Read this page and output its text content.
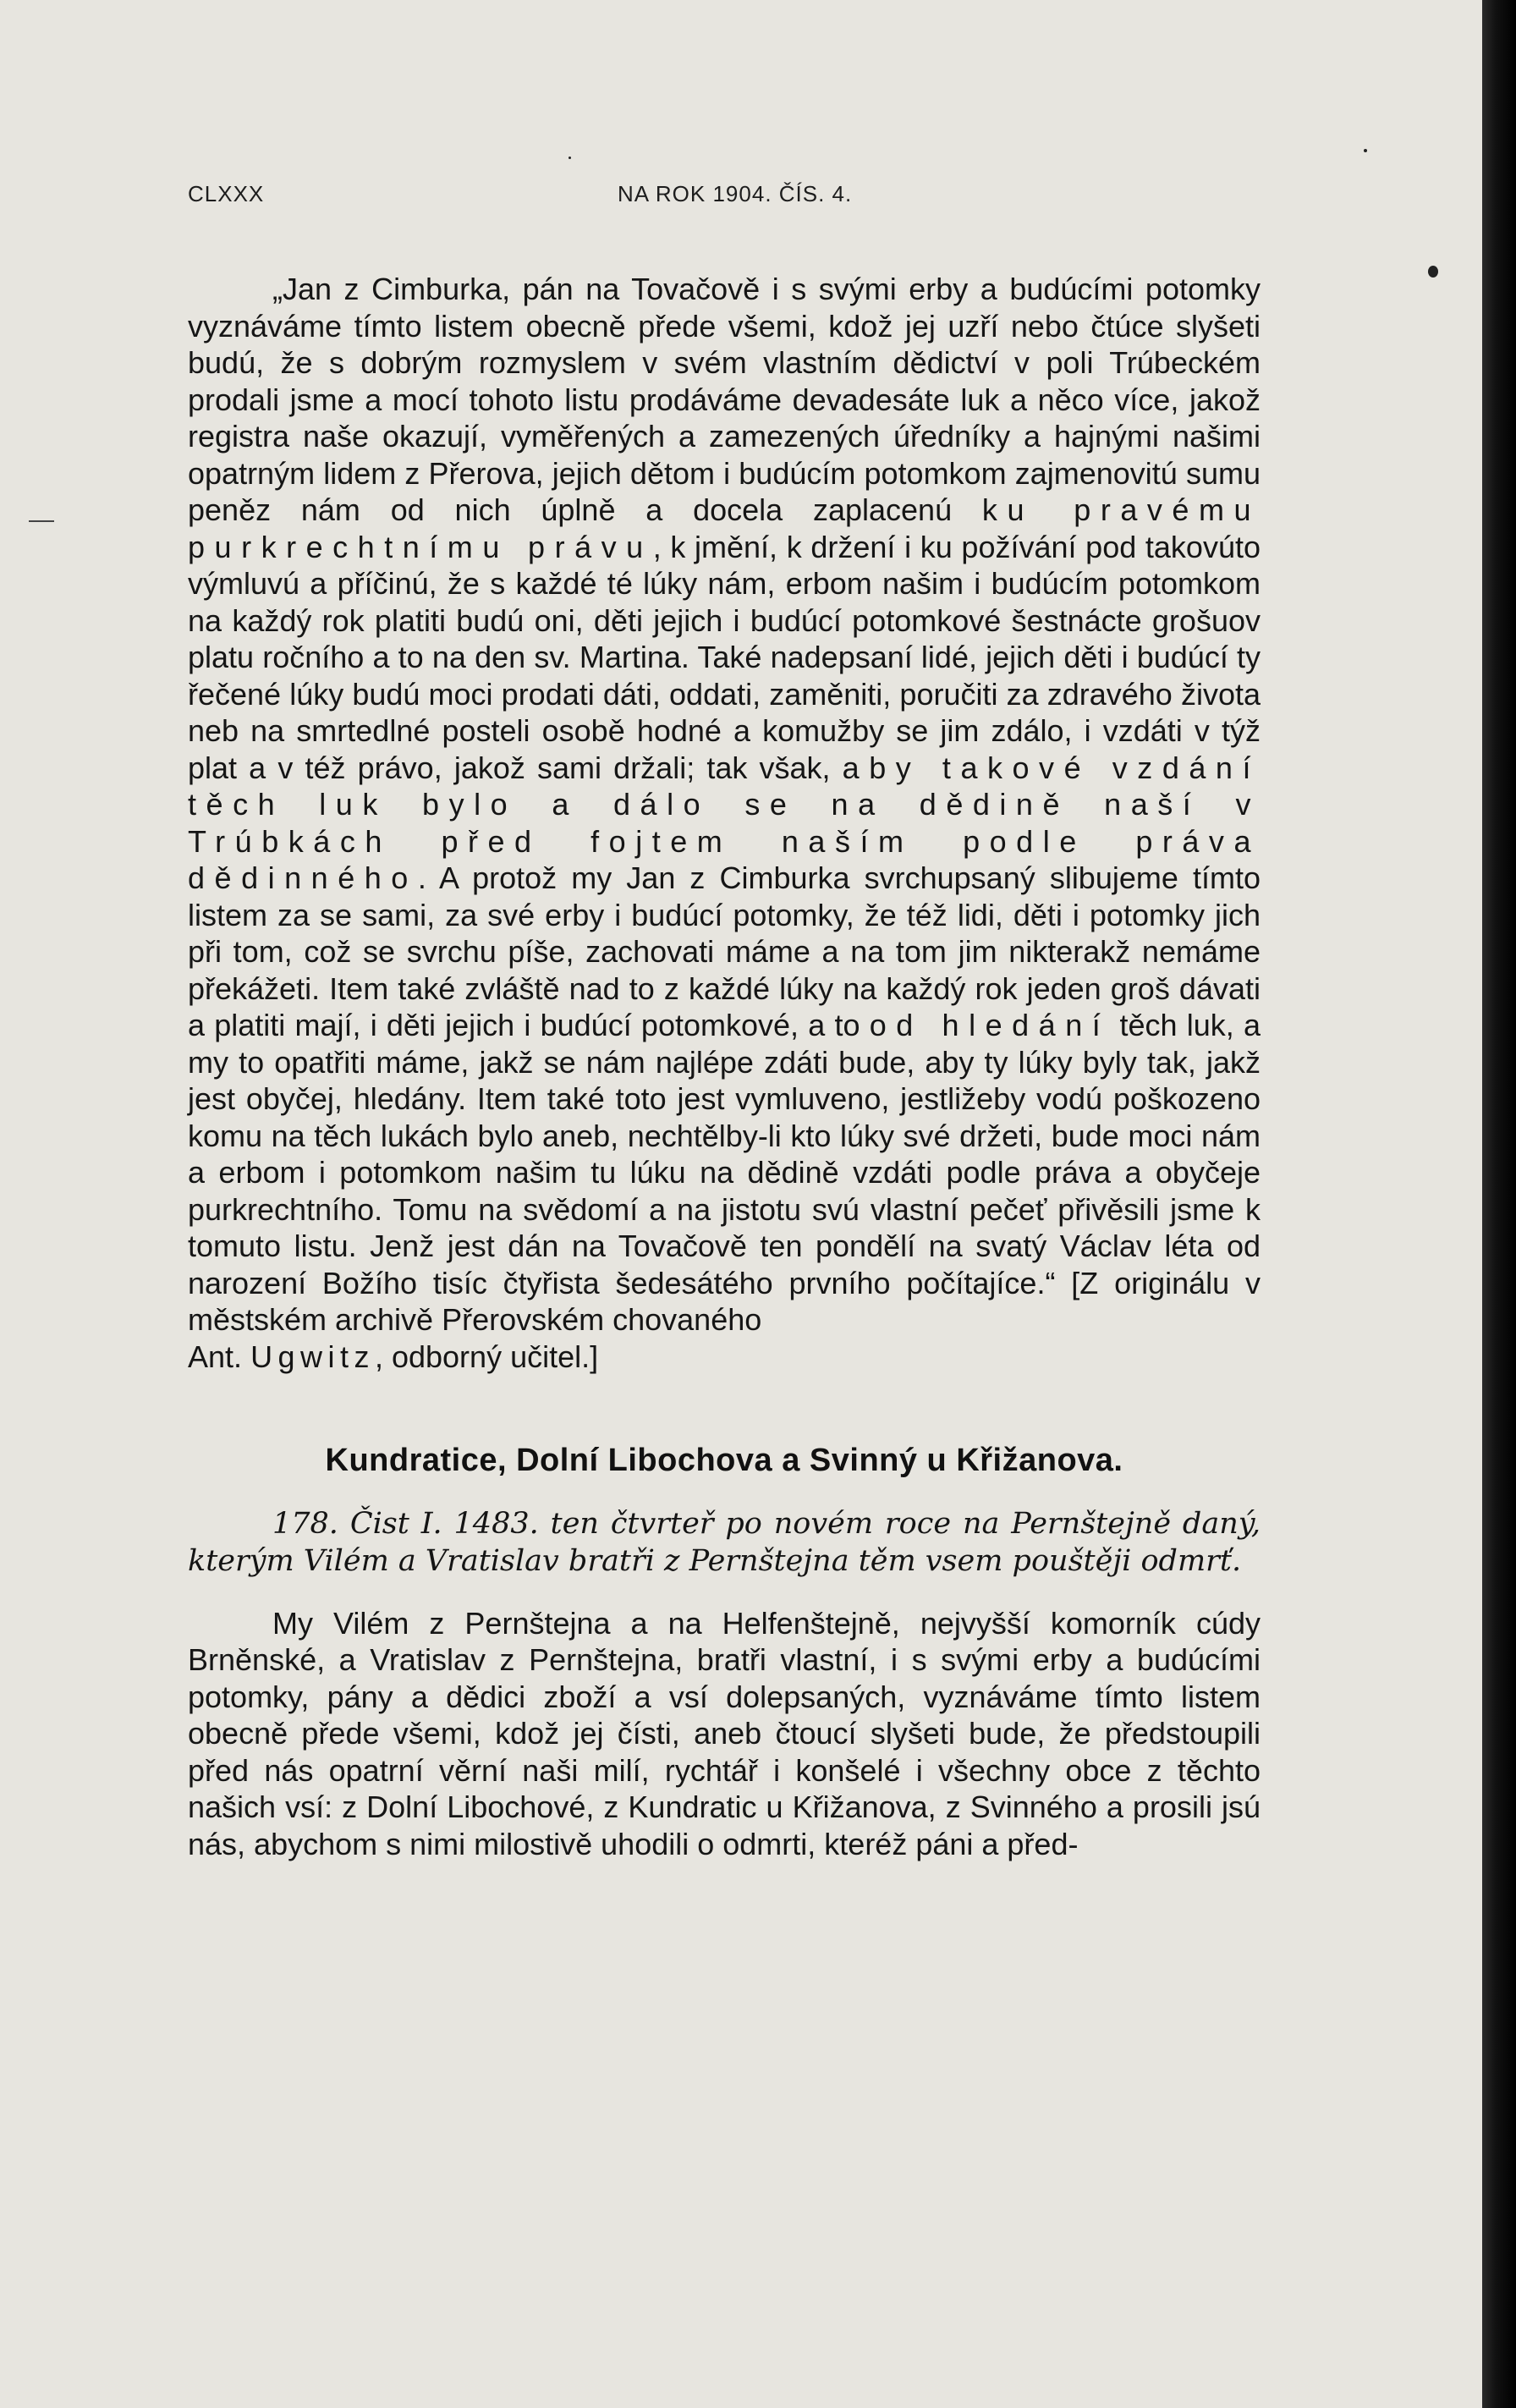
CLXXX	NA ROK 1904. ČÍS. 4.

„Jan z Cimburka, pán na Tovačově i s svými erby a budúcími potomky vyznáváme tímto listem obecně přede všemi, kdož jej uzří nebo čtúce slyšeti budú, že s dobrým rozmyslem v svém vlastním dědictví v poli Trúbeckém prodali jsme a mocí tohoto listu prodáváme devadesáte luk a něco více, jakož registra naše okazují, vyměřených a zamezených úředníky a hajnými našimi opatrným lidem z Přerova, jejich dětom i budúcím potomkom zajmenovitú sumu peněz nám od nich úplně a docela zaplacenú ku pravému purkrechtnímu právu, k jmění, k držení i ku požívání pod takovúto výmluvú a příčinú, že s každé té lúky nám, erbom našim i budúcím potomkom na každý rok platiti budú oni, děti jejich i budúcí potomkové šestnácte grošuov platu ročního a to na den sv. Martina. Také nadepsaní lidé, jejich děti i budúcí ty řečené lúky budú moci prodati dáti, oddati, zaměniti, poručiti za zdravého života neb na smrtedlné posteli osobě hodné a komužby se jim zdálo, i vzdáti v týž plat a v též právo, jakož sami držali; tak však, aby takové vzdání těch luk bylo a dálo se na dědině naší v Trúbkách před fojtem naším podle práva dědinného. A protož my Jan z Cimburka svrchupsaný slibujeme tímto listem za se sami, za své erby i budúcí potomky, že též lidi, děti i potomky jich při tom, což se svrchu píše, zachovati máme a na tom jim nikterakž nemáme překážeti. Item také zvláště nad to z každé lúky na každý rok jeden groš dávati a platiti mají, i děti jejich i budúcí potomkové, a to od hledání těch luk, a my to opatřiti máme, jakž se nám najlépe zdáti bude, aby ty lúky byly tak, jakž jest obyčej, hledány. Item také toto jest vymluveno, jestližeby vodú poškozeno komu na těch lukách bylo aneb, nechtělby-li kto lúky své držeti, bude moci nám a erbom i potomkom našim tu lúku na dědině vzdáti podle práva a obyčeje purkrechtního. Tomu na svědomí a na jistotu svú vlastní pečeť přivěsili jsme k tomuto listu. Jenž jest dán na Tovačově ten pondělí na svatý Václav léta od narození Božího tisíc čtyřista šedesátého prvního počítajíce.“ [Z originálu v městském archivě Přerovském chovaného

Ant. Ugwitz, odborný učitel.]

Kundratice, Dolní Libochova a Svinný u Křižanova.

178. Čist I. 1483. ten čtvrteř po novém roce na Pernštejně daný, kterým Vilém a Vratislav bratři z Pernštejna těm vsem pouštěji odmrť.

My Vilém z Pernštejna a na Helfenštejně, nejvyšší komorník cúdy Brněnské, a Vratislav z Pernštejna, bratři vlastní, i s svými erby a budúcími potomky, pány a dědici zboží a vsí dolepsaných, vyznáváme tímto listem obecně přede všemi, kdož jej čísti, aneb čtoucí slyšeti bude, že předstoupili před nás opatrní věrní naši milí, rychtář i konšelé i všechny obce z těchto našich vsí: z Dolní Libochové, z Kundratic u Křižanova, z Svinného a prosili jsú nás, abychom s nimi milostivě uhodili o odmrti, kteréž páni a před-
